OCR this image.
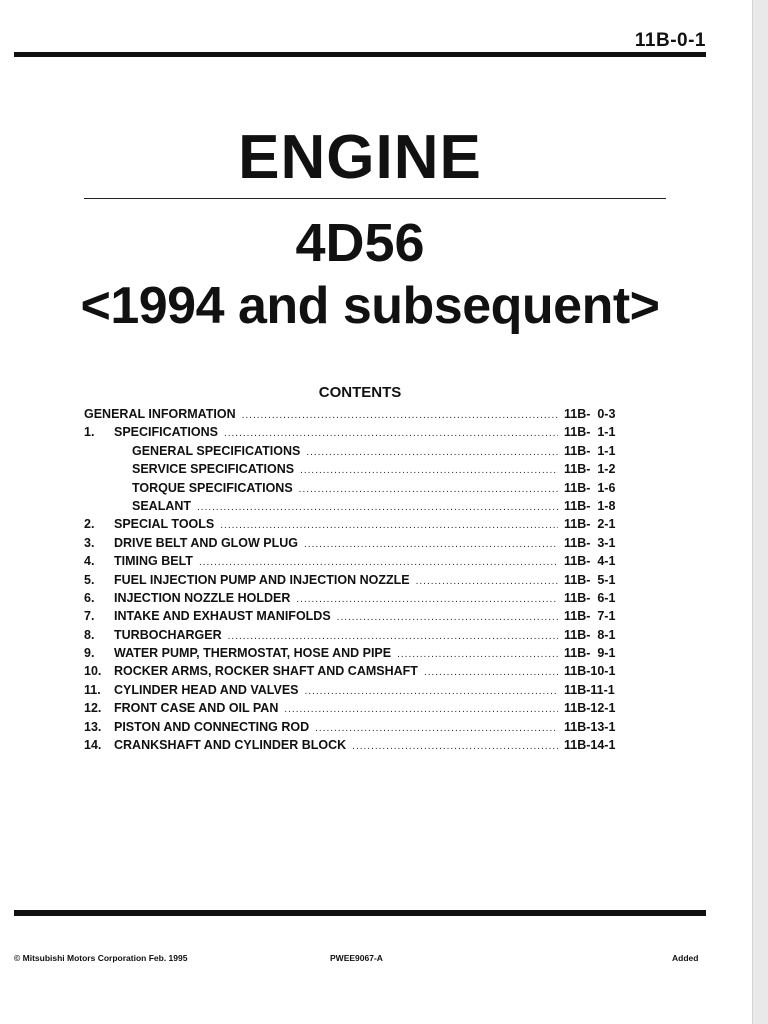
11B-0-1
ENGINE
4D56
<1994 and subsequent>
CONTENTS
GENERAL INFORMATION .....	11B-  0-3
1.	SPECIFICATIONS .....	11B-  1-1
GENERAL SPECIFICATIONS .....	11B-  1-1
SERVICE SPECIFICATIONS .....	11B-  1-2
TORQUE SPECIFICATIONS .....	11B-  1-6
SEALANT .....	11B-  1-8
2.	SPECIAL TOOLS .....	11B-  2-1
3.	DRIVE BELT AND GLOW PLUG .....	11B-  3-1
4.	TIMING BELT .....	11B-  4-1
5.	FUEL INJECTION PUMP AND INJECTION NOZZLE .....	11B-  5-1
6.	INJECTION NOZZLE HOLDER .....	11B-  6-1
7.	INTAKE AND EXHAUST MANIFOLDS .....	11B-  7-1
8.	TURBOCHARGER .....	11B-  8-1
9.	WATER PUMP, THERMOSTAT, HOSE AND PIPE .....	11B-  9-1
10.	ROCKER ARMS, ROCKER SHAFT AND CAMSHAFT .....	11B-10-1
11.	CYLINDER HEAD AND VALVES .....	11B-11-1
12.	FRONT CASE AND OIL PAN .....	11B-12-1
13.	PISTON AND CONNECTING ROD .....	11B-13-1
14.	CRANKSHAFT AND CYLINDER BLOCK .....	11B-14-1
© Mitsubishi Motors Corporation Feb. 1995	PWEE9067-A	Added
